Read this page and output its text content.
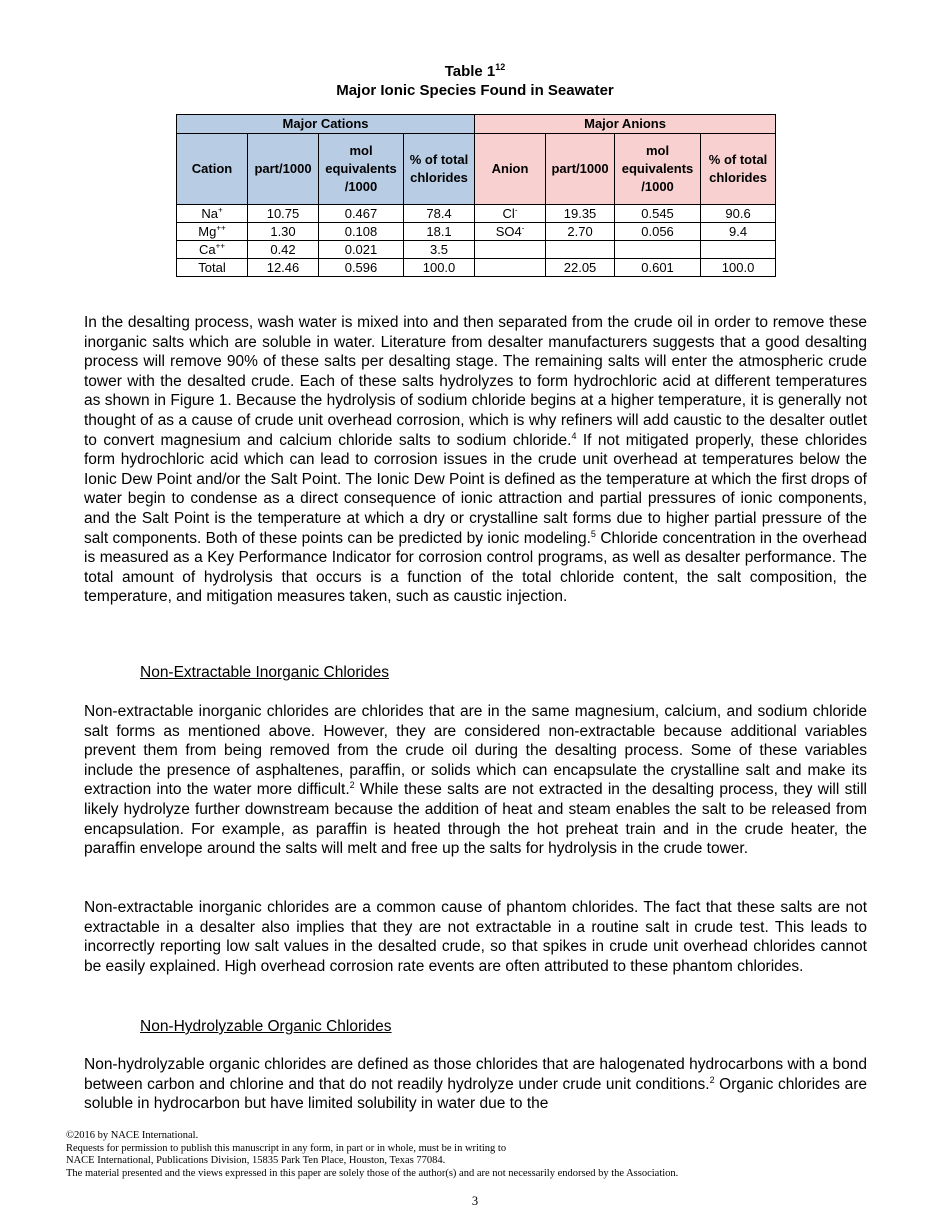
Table $1^{12}$
Major Ionic Species Found in Seawater
Major Cations				Major Anions			
Cation	part/1000	mol equivalents /1000	% of total chlorides	Anion	part/1000	mol equivalents /1000	% of total chlorides
Na+	10.75	0.467	78.4	Cl-	19.35	0.545	90.6
Mg++	1.30	0.108	18.1	SO4-	2.70	0.056	9.4
Ca++	0.42	0.021	3.5				
Total	12.46	0.596	100.0		22.05	0.601	100.0

In the desalting process, wash water is mixed into and then separated from the crude oil in order to remove these inorganic salts which are soluble in water. Literature from desalter manufacturers suggests that a good desalting process will remove 90% of these salts per desalting stage. The remaining salts will enter the atmospheric crude tower with the desalted crude. Each of these salts hydrolyzes to form hydrochloric acid at different temperatures as shown in Figure 1. Because the hydrolysis of sodium chloride begins at a higher temperature, it is generally not thought of as a cause of crude unit overhead corrosion, which is why refiners will add caustic to the desalter outlet to convert magnesium and calcium chloride salts to sodium chloride.$^4$ If not mitigated properly, these chlorides form hydrochloric acid which can lead to corrosion issues in the crude unit overhead at temperatures below the Ionic Dew Point and/or the Salt Point. The Ionic Dew Point is defined as the temperature at which the first drops of water begin to condense as a direct consequence of ionic attraction and partial pressures of ionic components, and the Salt Point is the temperature at which a dry or crystalline salt forms due to higher partial pressure of the salt components. Both of these points can be predicted by ionic modeling.$^5$ Chloride concentration in the overhead is measured as a Key Performance Indicator for corrosion control programs, as well as desalter performance. The total amount of hydrolysis that occurs is a function of the total chloride content, the salt composition, the temperature, and mitigation measures taken, such as caustic injection.

Non-Extractable Inorganic Chlorides

Non-extractable inorganic chlorides are chlorides that are in the same magnesium, calcium, and sodium chloride salt forms as mentioned above. However, they are considered non-extractable because additional variables prevent them from being removed from the crude oil during the desalting process. Some of these variables include the presence of asphaltenes, paraffin, or solids which can encapsulate the crystalline salt and make its extraction into the water more difficult.$^2$ While these salts are not extracted in the desalting process, they will still likely hydrolyze further downstream because the addition of heat and steam enables the salt to be released from encapsulation. For example, as paraffin is heated through the hot preheat train and in the crude heater, the paraffin envelope around the salts will melt and free up the salts for hydrolysis in the crude tower.

Non-extractable inorganic chlorides are a common cause of phantom chlorides. The fact that these salts are not extractable in a desalter also implies that they are not extractable in a routine salt in crude test. This leads to incorrectly reporting low salt values in the desalted crude, so that spikes in crude unit overhead chlorides cannot be easily explained. High overhead corrosion rate events are often attributed to these phantom chlorides.

Non-Hydrolyzable Organic Chlorides

Non-hydrolyzable organic chlorides are defined as those chlorides that are halogenated hydrocarbons with a bond between carbon and chlorine and that do not readily hydrolyze under crude unit conditions.$^2$ Organic chlorides are soluble in hydrocarbon but have limited solubility in water due to the

©2016 by NACE International.
Requests for permission to publish this manuscript in any form, in part or in whole, must be in writing to
NACE International, Publications Division, 15835 Park Ten Place, Houston, Texas 77084.
The material presented and the views expressed in this paper are solely those of the author(s) and are not necessarily endorsed by the Association.
3
